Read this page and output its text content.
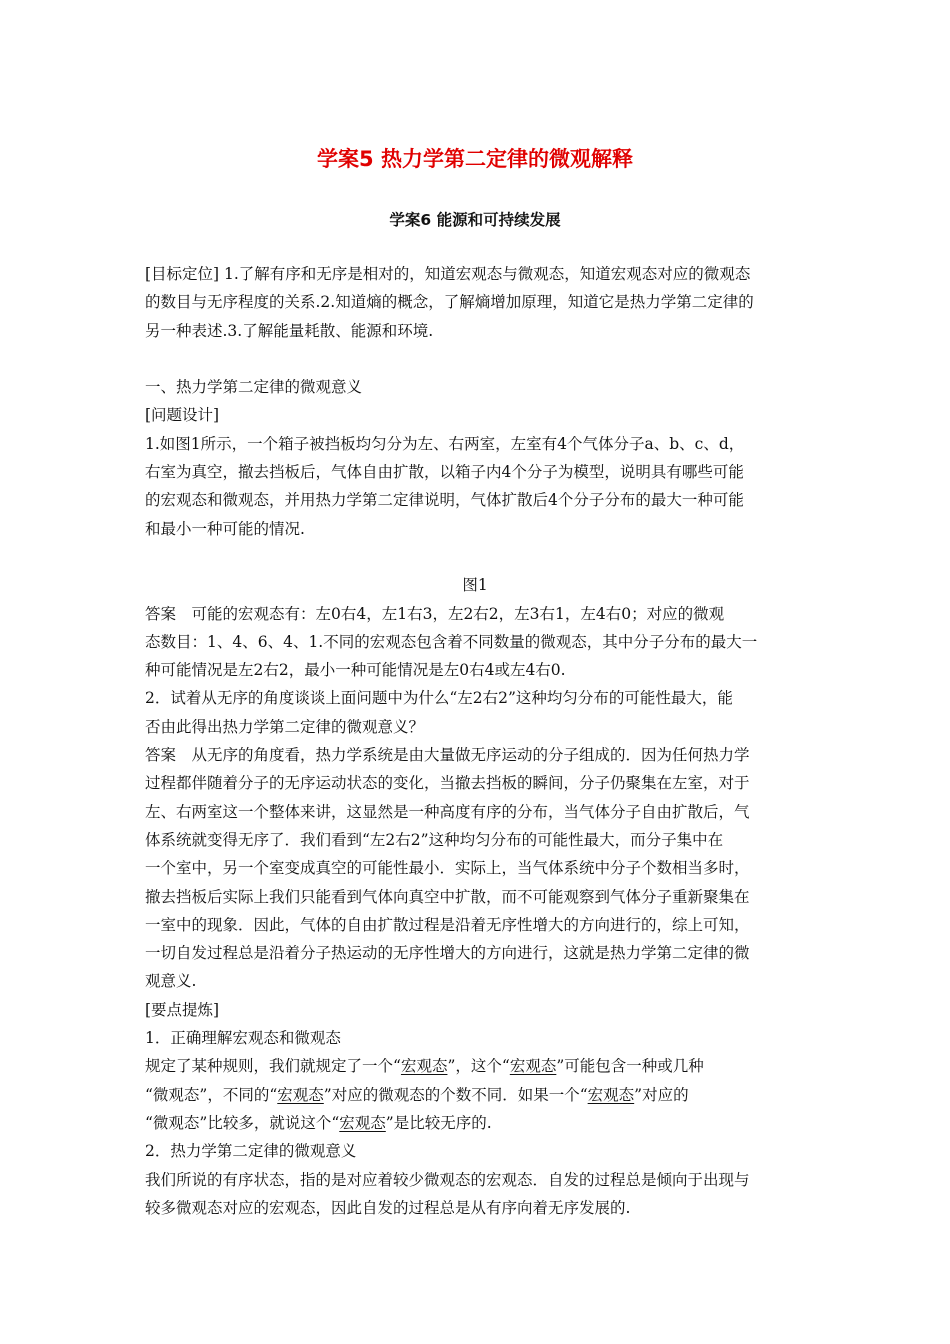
学案5 热力学第二定律的微观解释
学案6 能源和可持续发展
[目标定位] 1.了解有序和无序是相对的，知道宏观态与微观态，知道宏观态对应的微观态
的数目与无序程度的关系.2.知道熵的概念，了解熵增加原理，知道它是热力学第二定律的
另一种表述.3.了解能量耗散、能源和环境.
一、热力学第二定律的微观意义
[问题设计]
1.如图1所示，一个箱子被挡板均匀分为左、右两室，左室有4个气体分子a、b、c、d，
右室为真空，撤去挡板后，气体自由扩散，以箱子内4个分子为模型，说明具有哪些可能
的宏观态和微观态，并用热力学第二定律说明，气体扩散后4个分子分布的最大一种可能
和最小一种可能的情况.
图1
答案　可能的宏观态有：左0右4，左1右3，左2右2，左3右1，左4右0；对应的微观
态数目：1、4、6、4、1.不同的宏观态包含着不同数量的微观态，其中分子分布的最大一
种可能情况是左2右2，最小一种可能情况是左0右4或左4右0.
2．试着从无序的角度谈谈上面问题中为什么“左2右2”这种均匀分布的可能性最大，能
否由此得出热力学第二定律的微观意义？
答案　从无序的角度看，热力学系统是由大量做无序运动的分子组成的．因为任何热力学
过程都伴随着分子的无序运动状态的变化，当撤去挡板的瞬间，分子仍聚集在左室，对于
左、右两室这一个整体来讲，这显然是一种高度有序的分布，当气体分子自由扩散后，气
体系统就变得无序了．我们看到“左2右2”这种均匀分布的可能性最大，而分子集中在
一个室中，另一个室变成真空的可能性最小．实际上，当气体系统中分子个数相当多时，
撤去挡板后实际上我们只能看到气体向真空中扩散，而不可能观察到气体分子重新聚集在
一室中的现象．因此，气体的自由扩散过程是沿着无序性增大的方向进行的，综上可知，
一切自发过程总是沿着分子热运动的无序性增大的方向进行，这就是热力学第二定律的微
观意义.
[要点提炼]
1．正确理解宏观态和微观态
规定了某种规则，我们就规定了一个“宏观态”，这个“宏观态”可能包含一种或几种
“微观态”，不同的“宏观态”对应的微观态的个数不同．如果一个“宏观态”对应的
“微观态”比较多，就说这个“宏观态”是比较无序的.
2．热力学第二定律的微观意义
我们所说的有序状态，指的是对应着较少微观态的宏观态．自发的过程总是倾向于出现与
较多微观态对应的宏观态，因此自发的过程总是从有序向着无序发展的.
